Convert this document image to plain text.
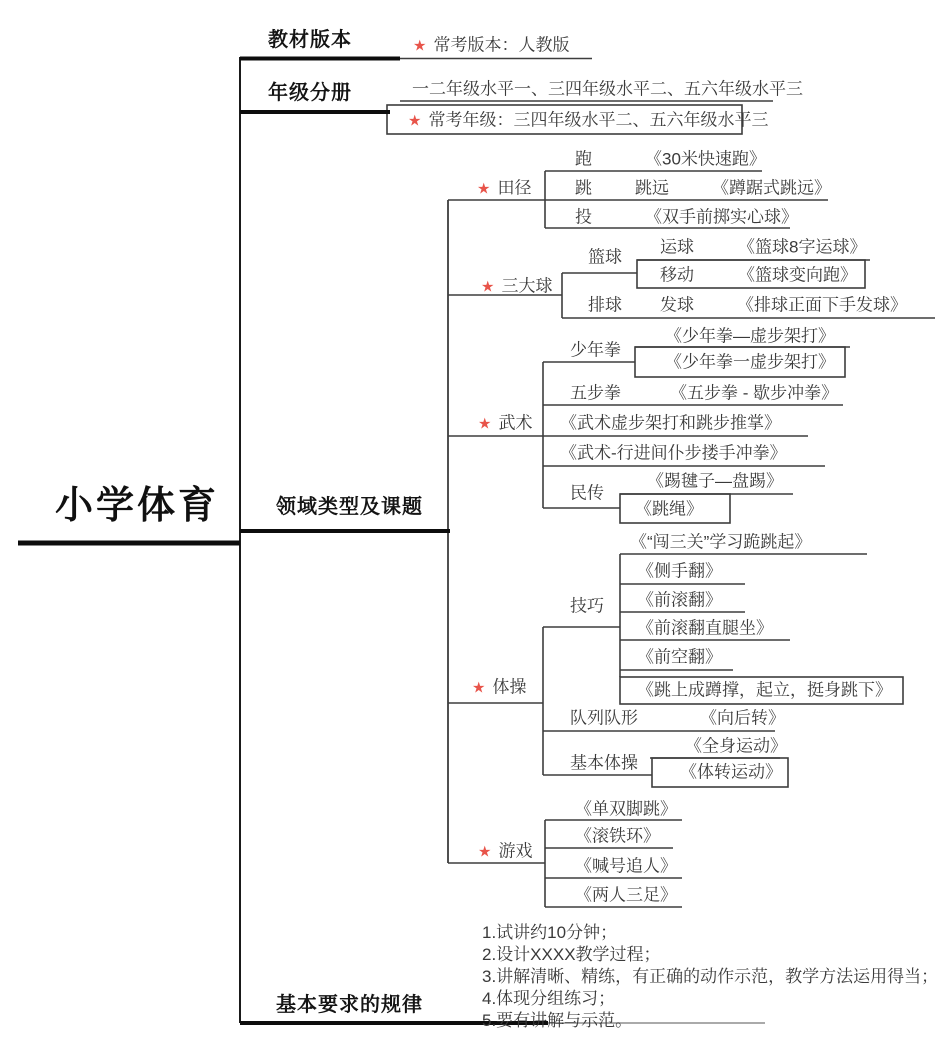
小学体育
教材版本
年级分册
领域类型及课题
基本要求的规律
★ 常考版本：人教版
一二年级水平一、三四年级水平二、五六年级水平三
★ 常考年级：三四年级水平二、五六年级水平三
★ 田径
跑	《30米快速跑》
跳	跳远	《蹲踞式跳远》
投	《双手前掷实心球》
★ 三大球
篮球
运球	《篮球8字运球》
移动	《篮球变向跑》
排球 发球	《排球正面下手发球》
★ 武术
少年拳
《少年拳—虚步架打》
《少年拳一虚步架打》
五步拳	《五步拳 - 歇步冲拳》
《武术虚步架打和跳步推掌》
《武术-行进间仆步搂手冲拳》
民传
《踢毽子—盘踢》
《跳绳》
★ 体操
技巧
《“闯三关”学习跪跳起》
《侧手翻》
《前滚翻》
《前滚翻直腿坐》
《前空翻》
《跳上成蹲撑，起立，挺身跳下》
队列队形	《向后转》
基本体操
《全身运动》
《体转运动》
★ 游戏
《单双脚跳》
《滚铁环》
《喊号追人》
《两人三足》
1.试讲约10分钟；
2.设计XXXX教学过程；
3.讲解清晰、精练，有正确的动作示范，教学方法运用得当；
4.体现分组练习；
5.要有讲解与示范。
